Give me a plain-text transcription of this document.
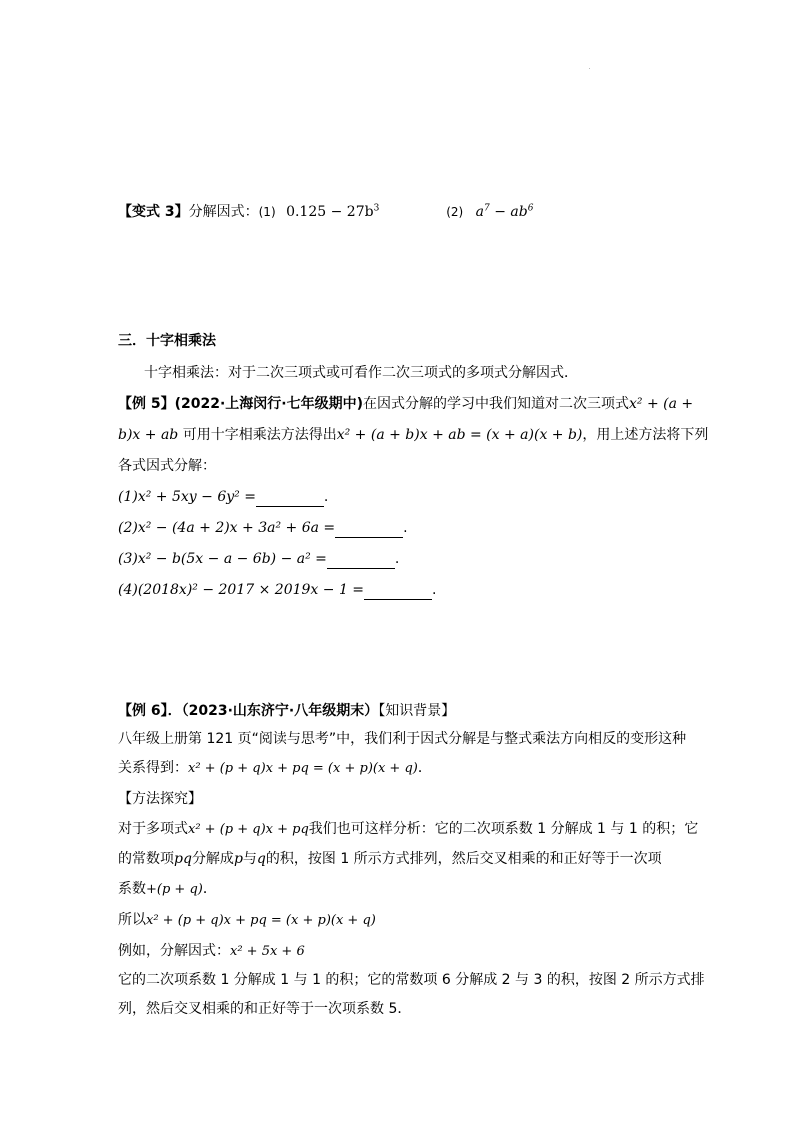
【变式 3】分解因式：(1) $0.125 - 27b^3$	(2) $a^7 - ab^6$
三．十字相乘法
十字相乘法：对于二次三项式或可看作二次三项式的多项式分解因式．
【例 5】(2022·上海闵行·七年级期中)在因式分解的学习中我们知道对二次三项式x² + (a +
b)x + ab 可用十字相乘法方法得出x² + (a + b)x + ab = (x + a)(x + b)，用上述方法将下列
各式因式分解：
(1)x² + 5xy − 6y² =	.
(2)x² − (4a + 2)x + 3a² + 6a =	.
(3)x² − b(5x − a − 6b) − a² =	.
(4)(2018x)² − 2017 × 2019x − 1 =	.
【例 6】．（2023·山东济宁·八年级期末）【知识背景】
八年级上册第 121 页“阅读与思考”中，我们利于因式分解是与整式乘法方向相反的变形这种
关系得到：x² + (p + q)x + pq = (x + p)(x + q)．
【方法探究】
对于多项式x² + (p + q)x + pq我们也可这样分析：它的二次项系数 1 分解成 1 与 1 的积；它
的常数项pq分解成p与q的积，按图 1 所示方式排列，然后交叉相乘的和正好等于一次项
系数+(p + q)．
所以x² + (p + q)x + pq = (x + p)(x + q)
例如，分解因式：x² + 5x + 6
它的二次项系数 1 分解成 1 与 1 的积；它的常数项 6 分解成 2 与 3 的积，按图 2 所示方式排
列，然后交叉相乘的和正好等于一次项系数 5．
